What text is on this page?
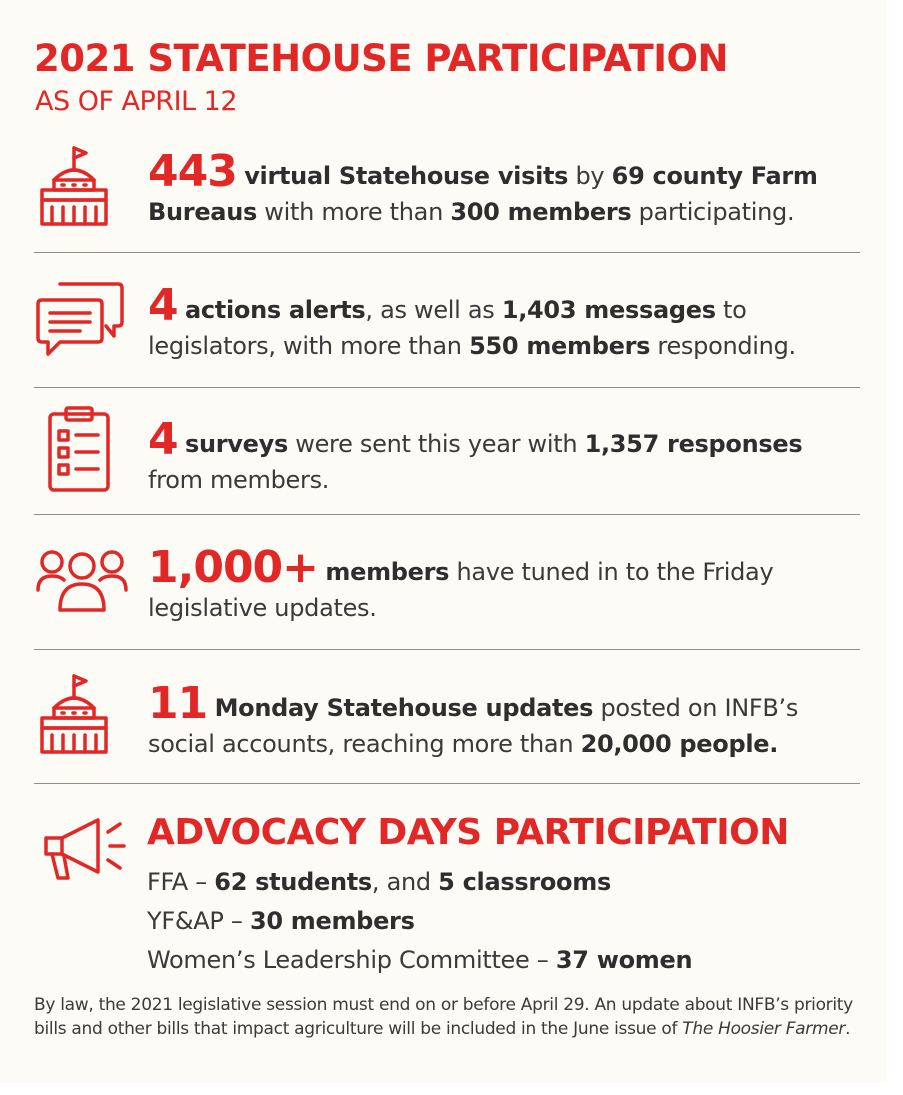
2021 STATEHOUSE PARTICIPATION
AS OF APRIL 12
443 virtual Statehouse visits by 69 county Farm Bureaus with more than 300 members participating.
4 actions alerts, as well as 1,403 messages to legislators, with more than 550 members responding.
4 surveys were sent this year with 1,357 responses from members.
1,000+ members have tuned in to the Friday legislative updates.
11 Monday Statehouse updates posted on INFB’s social accounts, reaching more than 20,000 people.
ADVOCACY DAYS PARTICIPATION
FFA – 62 students, and 5 classrooms
YF&AP – 30 members
Women’s Leadership Committee – 37 women
By law, the 2021 legislative session must end on or before April 29. An update about INFB’s priority bills and other bills that impact agriculture will be included in the June issue of The Hoosier Farmer.
